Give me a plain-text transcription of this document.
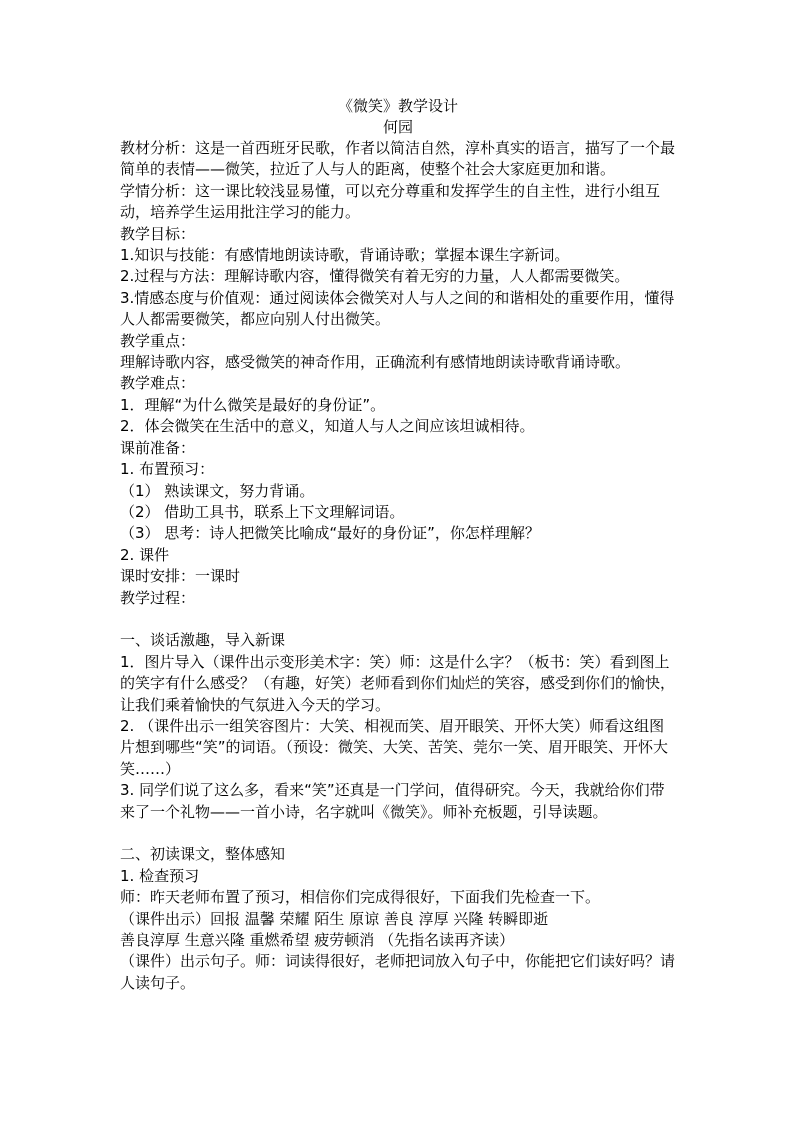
《微笑》教学设计

何园

教材分析：这是一首西班牙民歌，作者以简洁自然，淳朴真实的语言，描写了一个最简单的表情——微笑，拉近了人与人的距离，使整个社会大家庭更加和谐。

学情分析：这一课比较浅显易懂，可以充分尊重和发挥学生的自主性，进行小组互动，培养学生运用批注学习的能力。

教学目标：

1.知识与技能：有感情地朗读诗歌，背诵诗歌；掌握本课生字新词。

2.过程与方法：理解诗歌内容，懂得微笑有着无穷的力量，人人都需要微笑。

3.情感态度与价值观：通过阅读体会微笑对人与人之间的和谐相处的重要作用，懂得人人都需要微笑，都应向别人付出微笑。

教学重点：

理解诗歌内容，感受微笑的神奇作用，正确流利有感情地朗读诗歌背诵诗歌。

教学难点：

1．理解“为什么微笑是最好的身份证”。

2．体会微笑在生活中的意义，知道人与人之间应该坦诚相待。

课前准备：

1. 布置预习：

（1） 熟读课文，努力背诵。

（2） 借助工具书，联系上下文理解词语。

（3） 思考：诗人把微笑比喻成“最好的身份证”，你怎样理解？

2. 课件

课时安排：一课时

教学过程：

一、谈话激趣，导入新课

1．图片导入（课件出示变形美术字：笑）师：这是什么字？（板书：笑）看到图上的笑字有什么感受？（有趣，好笑）老师看到你们灿烂的笑容，感受到你们的愉快，让我们乘着愉快的气氛进入今天的学习。

2. （课件出示一组笑容图片：大笑、相视而笑、眉开眼笑、开怀大笑）师看这组图片想到哪些“笑”的词语。（预设：微笑、大笑、苦笑、莞尔一笑、眉开眼笑、开怀大笑……）

3. 同学们说了这么多，看来“笑”还真是一门学问，值得研究。今天，我就给你们带来了一个礼物——一首小诗，名字就叫《微笑》。师补充板题，引导读题。

二、初读课文，整体感知

1. 检查预习

师：昨天老师布置了预习，相信你们完成得很好，下面我们先检查一下。

（课件出示）回报 温馨 荣耀 陌生 原谅 善良 淳厚 兴隆 转瞬即逝

善良淳厚 生意兴隆 重燃希望 疲劳顿消 （先指名读再齐读）

（课件）出示句子。师：词读得很好，老师把词放入句子中，你能把它们读好吗？请人读句子。
